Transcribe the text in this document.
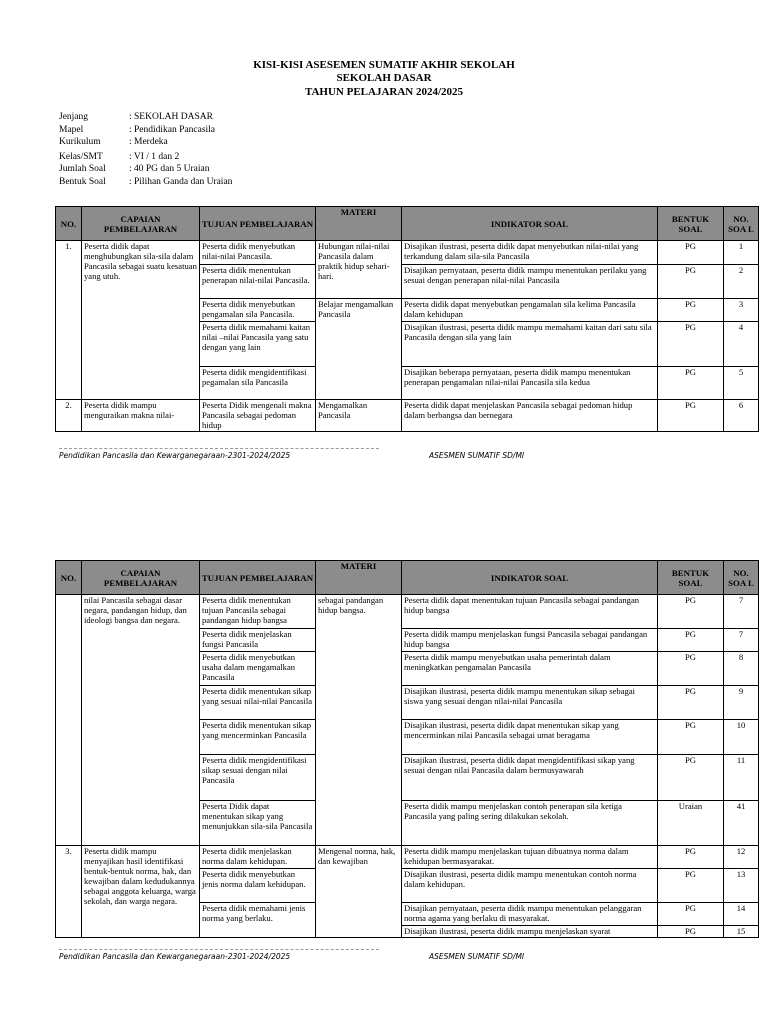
KISI-KISI ASESEMEN SUMATIF AKHIR SEKOLAH
SEKOLAH DASAR
TAHUN PELAJARAN 2024/2025
Jenjang	: SEKOLAH DASAR
Mapel	: Pendidikan Pancasila
Kurikulum	: Merdeka
Kelas/SMT	: VI / 1 dan 2
Jumlah Soal	: 40 PG dan 5 Uraian
Bentuk Soal	: Pilihan Ganda dan Uraian
NO.	CAPAIAN PEMBELAJARAN	TUJUAN PEMBELAJARAN	MATERI	INDIKATOR SOAL	BENTUK SOAL	NO. SOA L
1.	Peserta didik dapat menghubungkan sila-sila dalam Pancasila sebagai suatu kesatuan yang utuh.	Peserta didik menyebutkan nilai-nilai Pancasila.	Hubungan nilai-nilai Pancasila dalam praktik hidup sehari-hari.	Disajikan ilustrasi, peserta didik dapat menyebutkan nilai-nilai yang terkandung dalam sila-sila Pancasila	PG	1
		Peserta didik menentukan penerapan nilai-nilai Pancasila.		Disajikan pernyataan, peserta didik mampu menentukan perilaku yang sesuai dengan penerapan nilai-nilai Pancasila	PG	2
		Peserta didik menyebutkan pengamalan sila Pancasila.	Belajar mengamalkan Pancasila	Peserta didik dapat menyebutkan pengamalan sila kelima Pancasila dalam kehidupan	PG	3
		Peserta didik memahami kaitan nilai –nilai Pancasila yang satu dengan yang lain		Disajikan ilustrasi, peserta didik mampu memahami kaitan dari satu sila Pancasila dengan sila yang lain	PG	4
		Peserta didik mengidentifikasi pegamalan sila Pancasila		Disajikan beberapa pernyataan, peserta didik mampu menentukan penerapan pengamalan nilai-nilai Pancasila sila kedua	PG	5
2.	Peserta didik mampu menguraikan makna nilai-	Peserta Didik mengenali makna Pancasila sebagai pedoman hidup	Mengamalkan Pancasila	Peserta didik dapat menjelaskan Pancasila sebagai pedoman hidup dalam berbangsa dan bernegara	PG	6
Pendidikan Pancasila dan Kewarganegaraan-2301-2024/2025	ASESMEN SUMATIF SD/MI
NO.	CAPAIAN PEMBELAJARAN	TUJUAN PEMBELAJARAN	MATERI	INDIKATOR SOAL	BENTUK SOAL	NO. SOA L
	nilai Pancasila sebagai dasar negara, pandangan hidup, dan ideologi bangsa dan negara.	Peserta didik menentukan tujuan Pancasila sebagai pandangan hidup bangsa	sebagai pandangan hidup bangsa.	Peserta didik dapat menentukan tujuan Pancasila sebagai pandangan hidup bangsa	PG	7
		Peserta didik menjelaskan fungsi Pancasila		Peserta didik mampu menjelaskan fungsi Pancasila sebagai pandangan hidup bangsa	PG	7
		Peserta didik menyebutkan usaha dalam mengamalkan Pancasila		Peserta didik mampu menyebutkan usaha pemerintah dalam meningkatkan pengamalan Pancasila	PG	8
		Peserta didik menentukan sikap yang sesuai nilai-nilai Pancasila		Disajikan ilustrasi, peserta didik mampu menentukan sikap sebagai siswa yang sesuai dengan nilai-nilai Pancasila	PG	9
		Peserta didik menentukan sikap yang mencerminkan Pancasila		Disajikan ilustrasi, peserta didik dapat menentukan sikap yang mencerminkan nilai Pancasila sebagai umat beragama	PG	10
		Peserta didik mengidentifikasi sikap sesuai dengan nilai Pancasila		Disajikan ilustrasi, peserta didik dapat mengidentifikasi sikap yang sesuai dengan nilai Pancasila dalam bermusyawarah	PG	11
		Peserta Didik dapat menentukan sikap yang menunjukkan sila-sila Pancasila		Peserta didik mampu menjelaskan contoh penerapan sila ketiga Pancasila yang paling sering dilakukan sekolah.	Uraian	41
3.	Peserta didik mampu menyajikan hasil identifikasi bentuk-bentuk norma, hak, dan kewajiban dalam kedudukannya sebagai anggota keluarga, warga sekolah, dan warga negara.	Peserta didik menjelaskan norma dalam kehidupan.	Mengenal norma, hak, dan kewajiban	Peserta didik mampu menjelaskan tujuan dibuatnya norma dalam kehidupan bermasyarakat.	PG	12
		Peserta didik menyebutkan jenis norma dalam kehidupan.		Disajikan ilustrasi, peserta didik mampu menentukan contoh norma dalam kehidupan.	PG	13
		Peserta didik memahami jenis norma yang berlaku.		Disajikan pernyataan, peserta didik mampu menentukan pelanggaran norma agama yang berlaku di masyarakat.	PG	14
				Disajikan ilustrasi, peserta didik mampu menjelaskan syarat	PG	15
Pendidikan Pancasila dan Kewarganegaraan-2301-2024/2025	ASESMEN SUMATIF SD/MI
